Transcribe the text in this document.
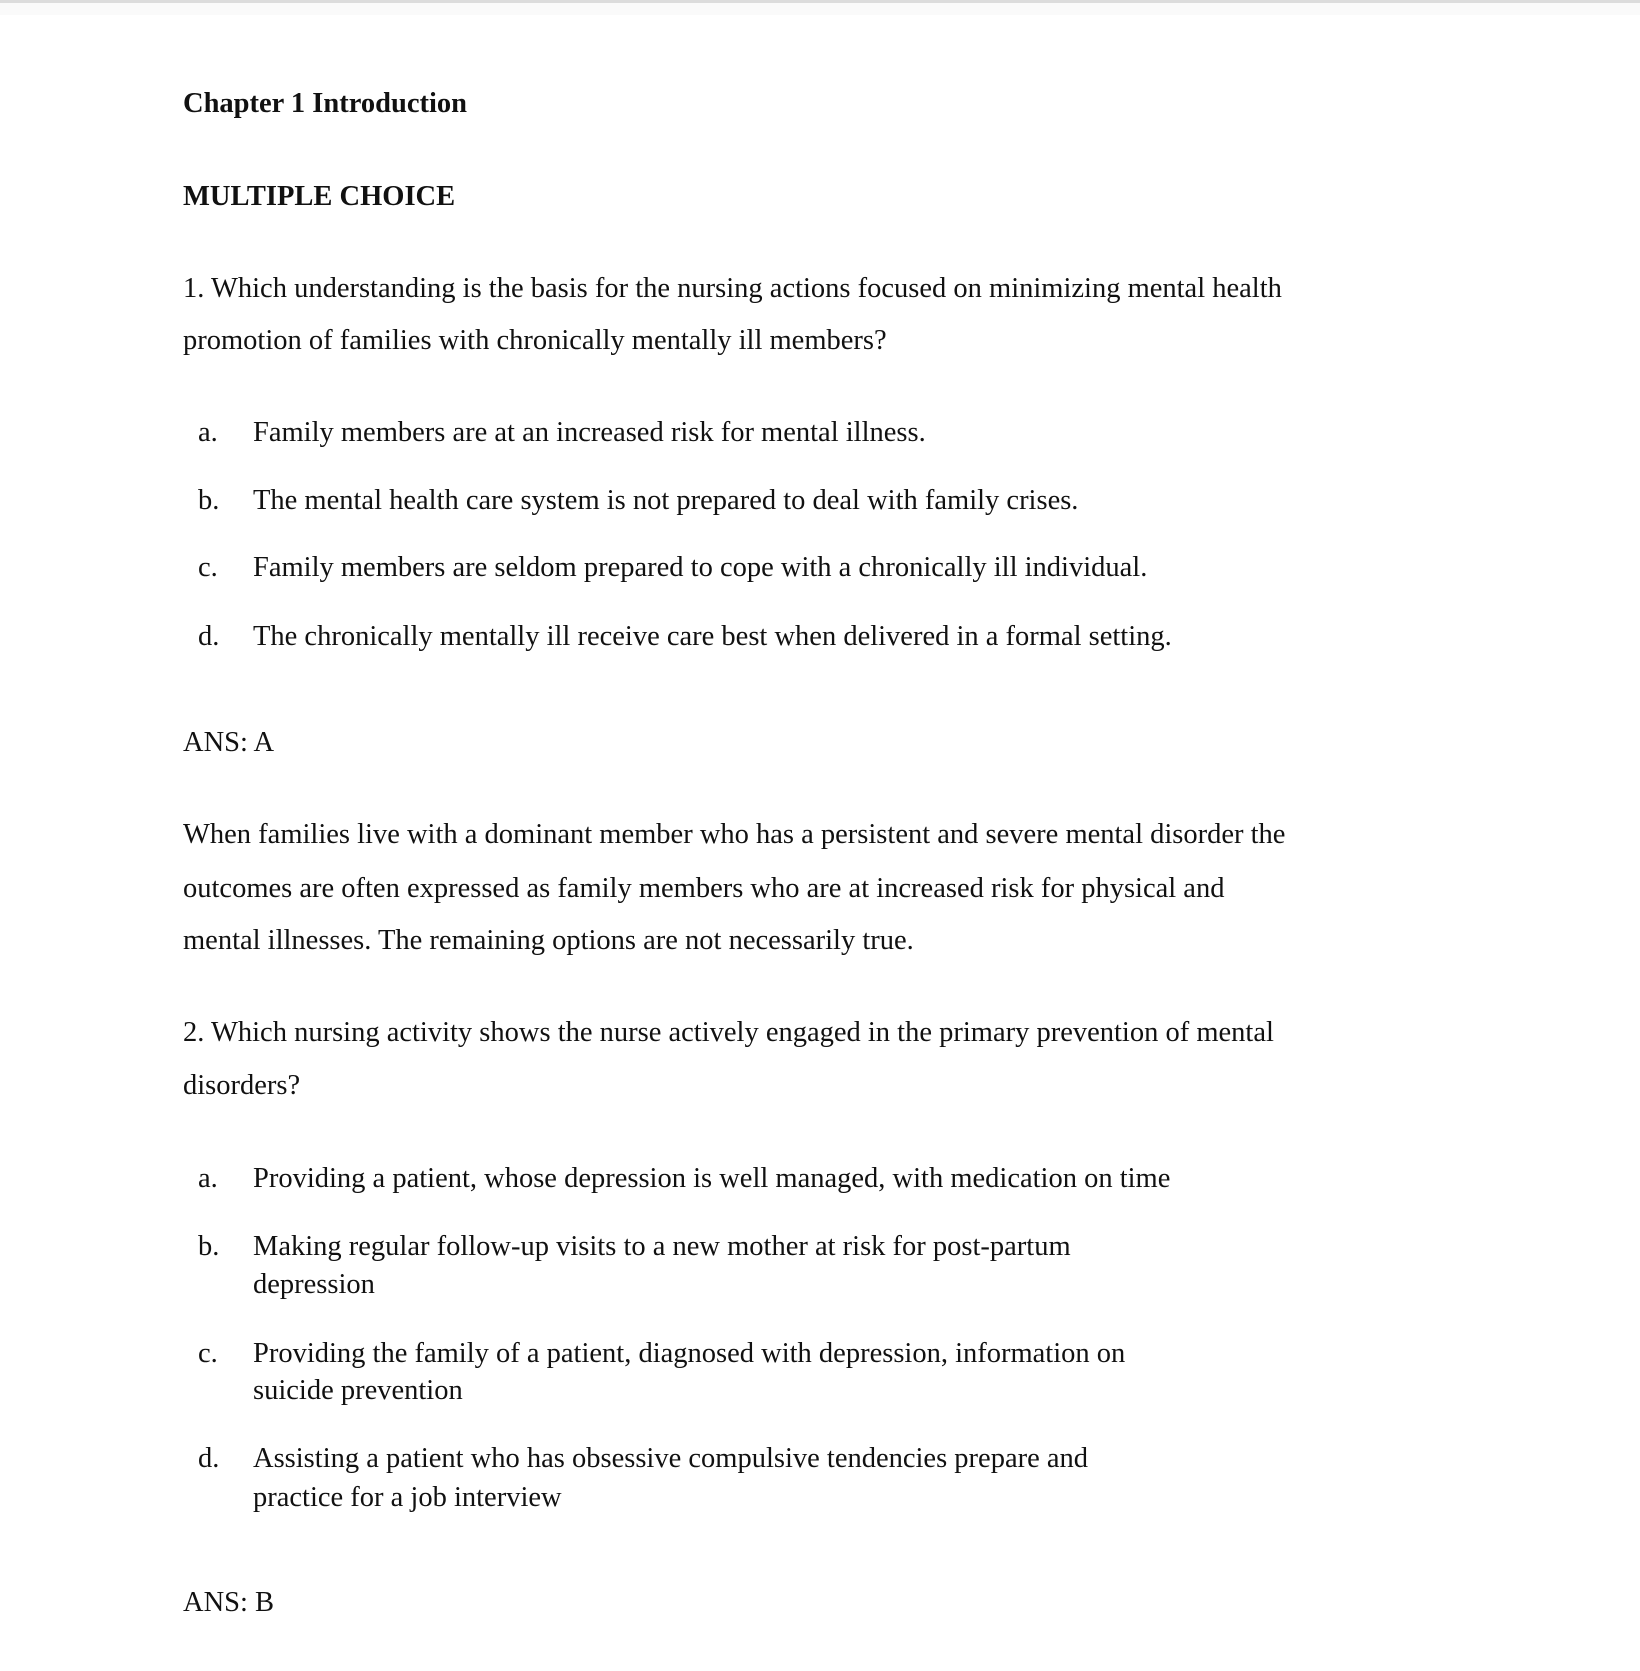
Chapter 1 Introduction
MULTIPLE CHOICE
1. Which understanding is the basis for the nursing actions focused on minimizing mental health
promotion of families with chronically mentally ill members?
a. Family members are at an increased risk for mental illness.
b. The mental health care system is not prepared to deal with family crises.
c. Family members are seldom prepared to cope with a chronically ill individual.
d. The chronically mentally ill receive care best when delivered in a formal setting.
ANS: A
When families live with a dominant member who has a persistent and severe mental disorder the
outcomes are often expressed as family members who are at increased risk for physical and
mental illnesses. The remaining options are not necessarily true.
2. Which nursing activity shows the nurse actively engaged in the primary prevention of mental
disorders?
a. Providing a patient, whose depression is well managed, with medication on time
b. Making regular follow-up visits to a new mother at risk for post-partum
depression
c. Providing the family of a patient, diagnosed with depression, information on
suicide prevention
d. Assisting a patient who has obsessive compulsive tendencies prepare and
practice for a job interview
ANS: B
